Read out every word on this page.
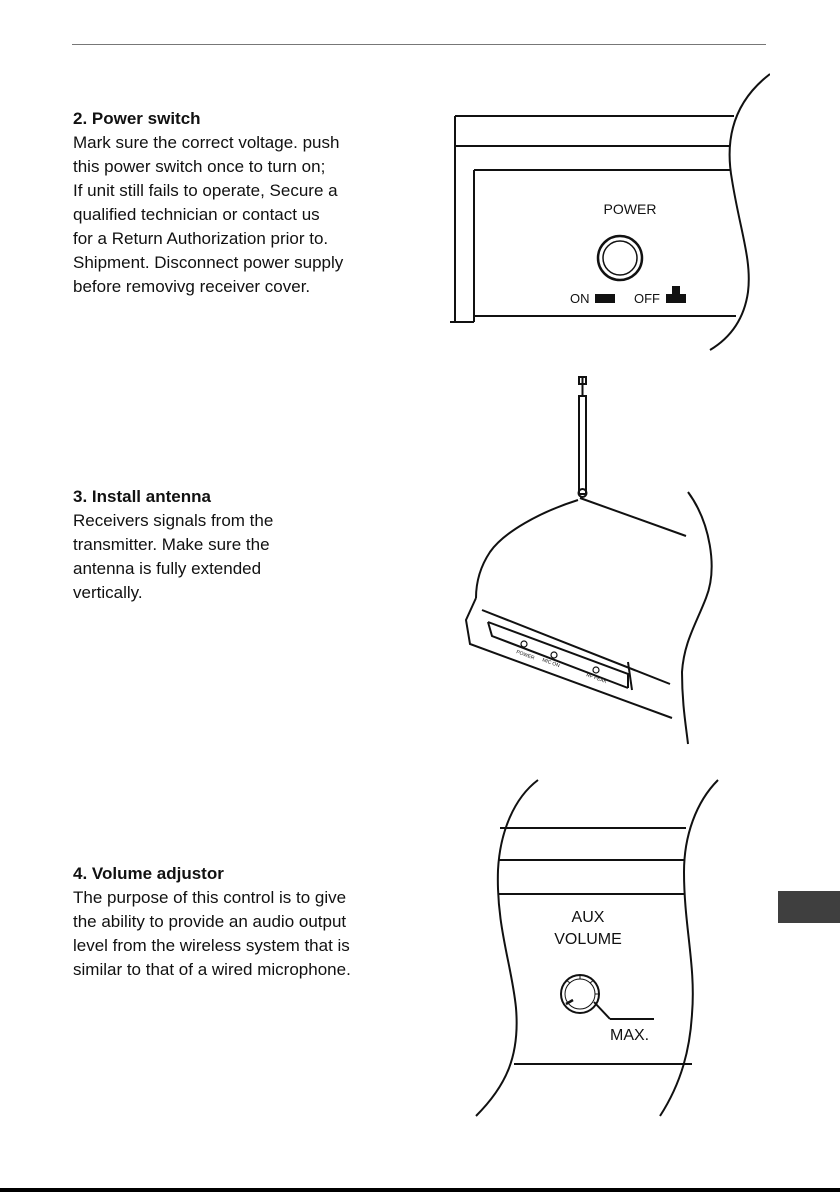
2. Power switch

Mark sure the correct voltage. push
this power switch once to turn on;
If unit still fails to operate, Secure a
qualified technician or contact us
for a Return Authorization prior to.
Shipment. Disconnect power supply
before removivg receiver cover.

3. Install antenna

Receivers signals from the
transmitter. Make sure the
antenna is fully extended
vertically.

4. Volume adjustor

The purpose of this control is to give
the ability to provide an audio output
level from the wireless system that is
similar to that of a wired microphone.
POWER
ON	OFF
POWER
MIC ON
RF PEAK
AUX
VOLUME
MAX.
